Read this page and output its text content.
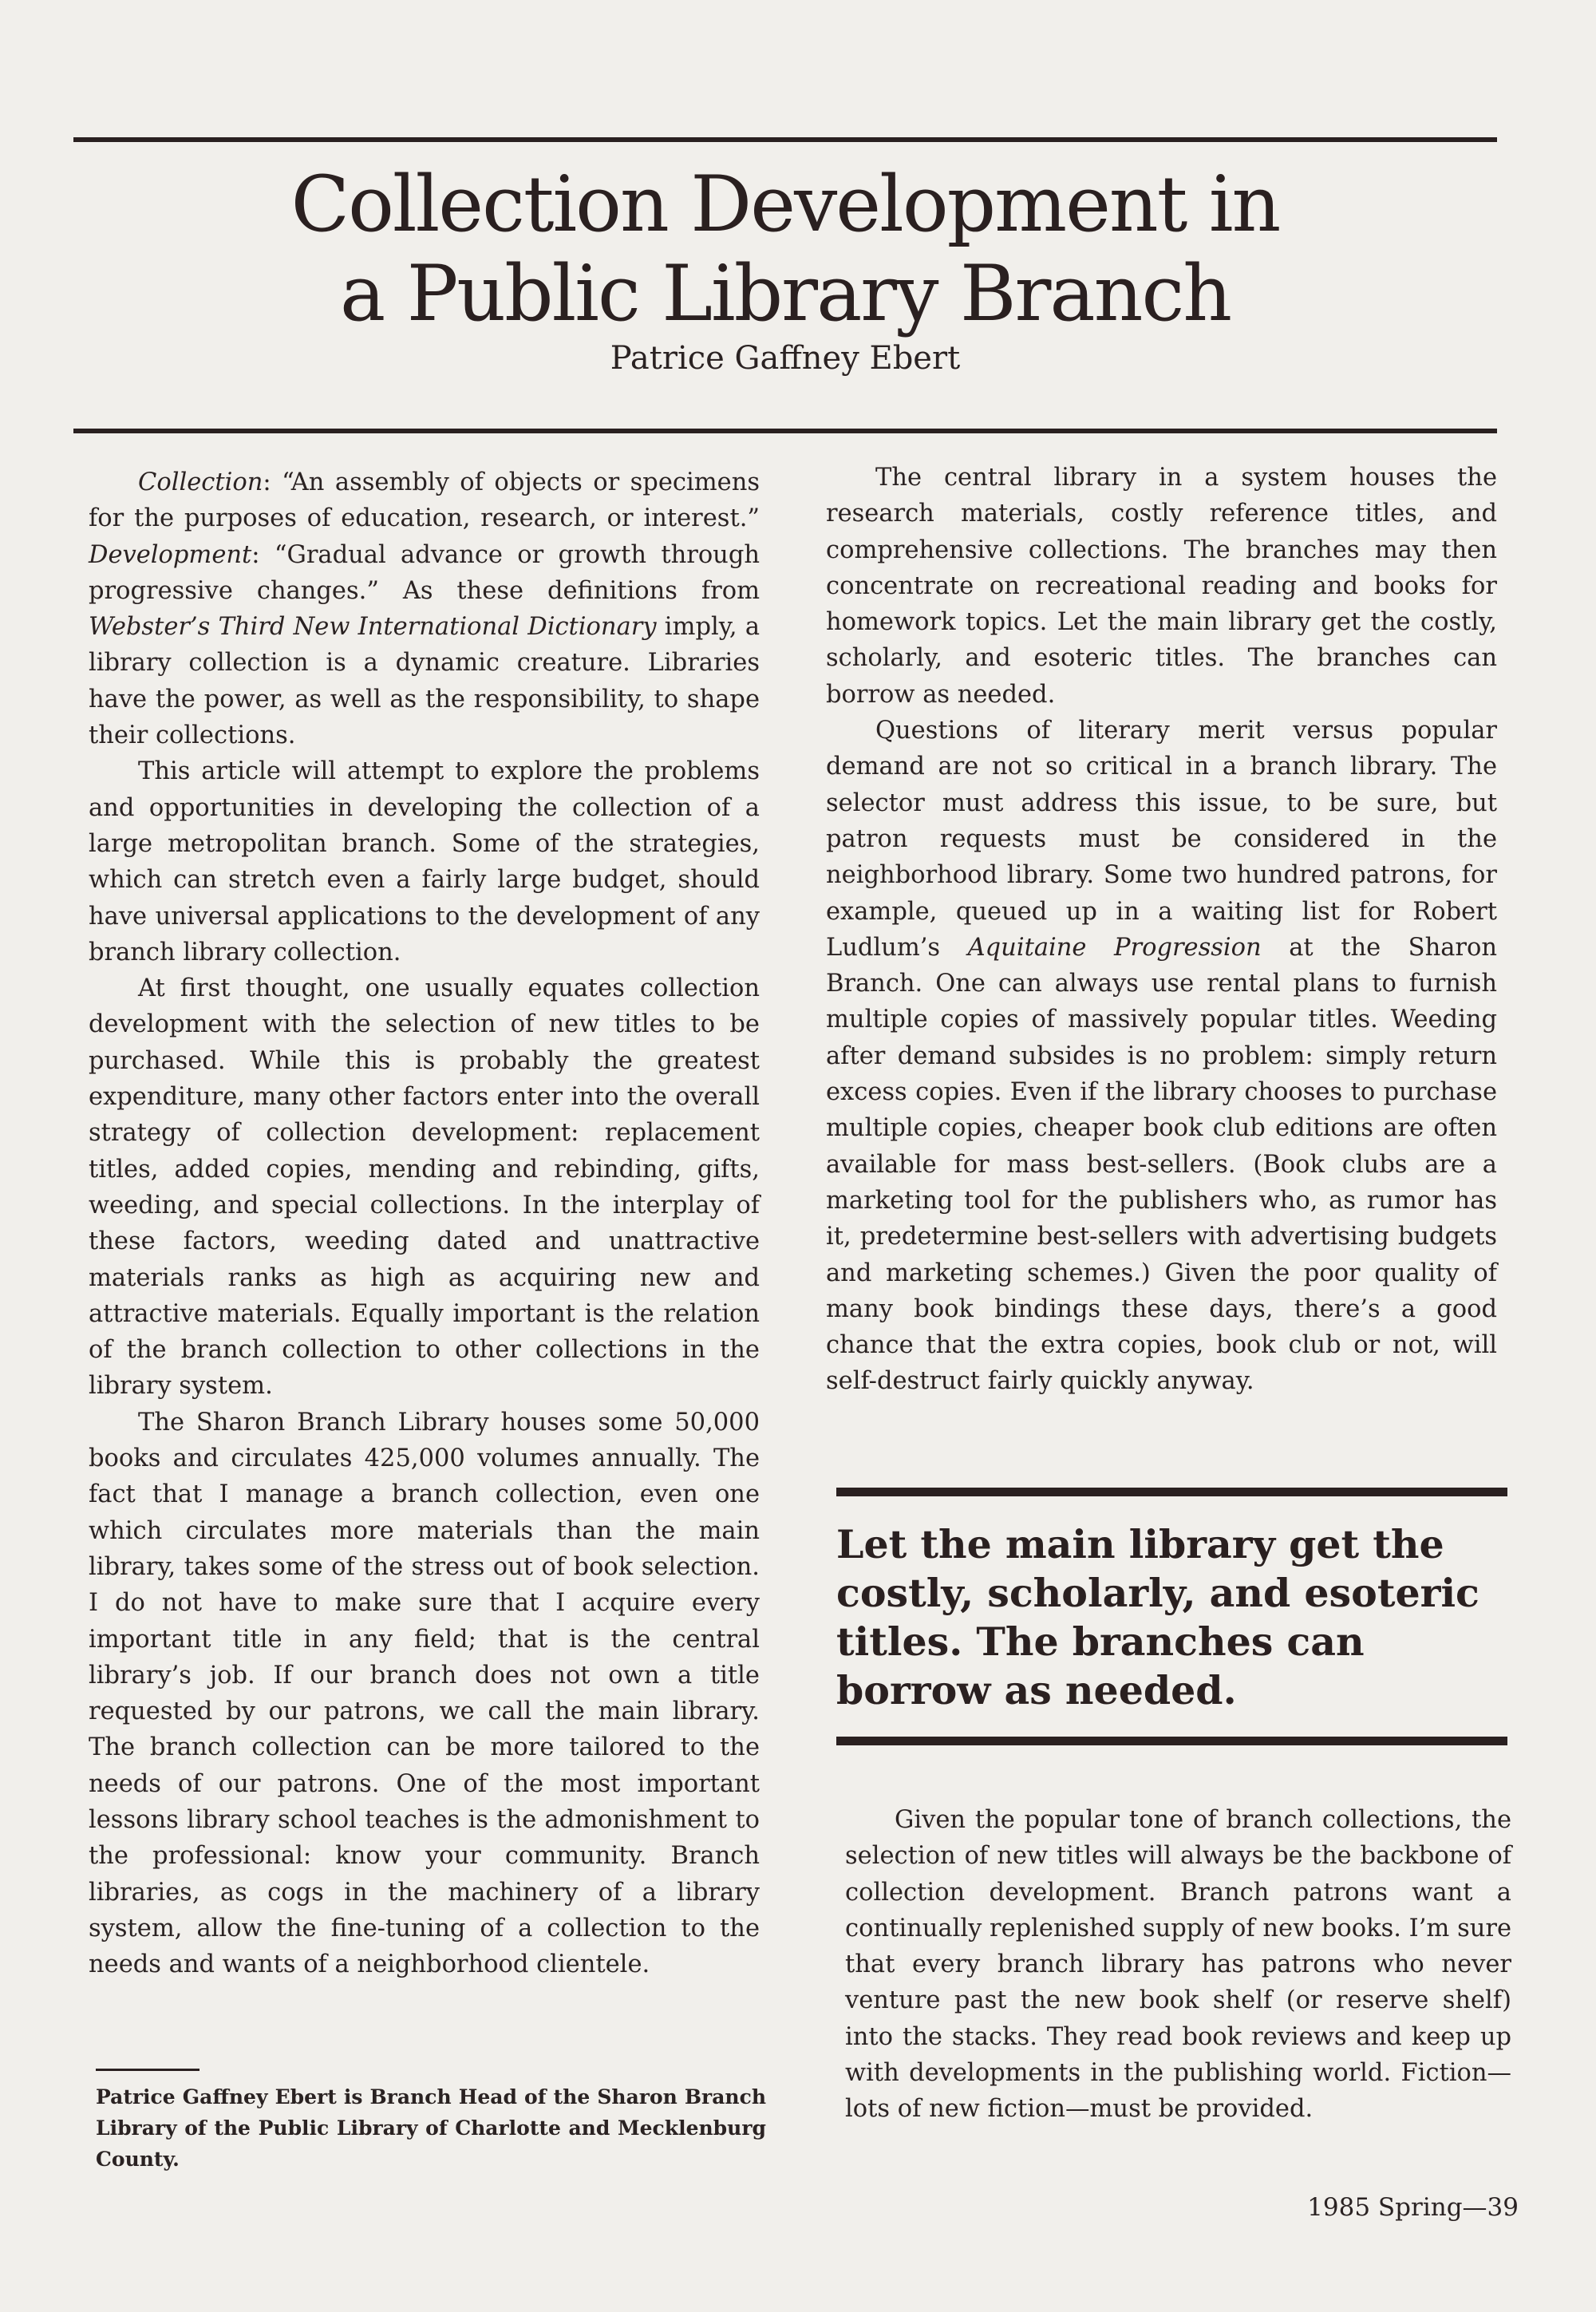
Collection Development in
a Public Library Branch
Patrice Gaffney Ebert

Collection: “An assembly of objects or specimens for the purposes of education, research, or interest.” Development: “Gradual advance or growth through progressive changes.” As these definitions from Webster’s Third New International Dictionary imply, a library collection is a dynamic creature. Libraries have the power, as well as the responsibility, to shape their collections.

This article will attempt to explore the problems and opportunities in developing the collection of a large metropolitan branch. Some of the strategies, which can stretch even a fairly large budget, should have universal applications to the development of any branch library collection.

At first thought, one usually equates collection development with the selection of new titles to be purchased. While this is probably the greatest expenditure, many other factors enter into the overall strategy of collection development: replacement titles, added copies, mending and rebinding, gifts, weeding, and special collections. In the interplay of these factors, weeding dated and unattractive materials ranks as high as acquiring new and attractive materials. Equally important is the relation of the branch collection to other collections in the library system.

The Sharon Branch Library houses some 50,000 books and circulates 425,000 volumes annually. The fact that I manage a branch collection, even one which circulates more materials than the main library, takes some of the stress out of book selection. I do not have to make sure that I acquire every important title in any field; that is the central library’s job. If our branch does not own a title requested by our patrons, we call the main library. The branch collection can be more tailored to the needs of our patrons. One of the most important lessons library school teaches is the admonishment to the professional: know your community. Branch libraries, as cogs in the machinery of a library system, allow the fine-tuning of a collection to the needs and wants of a neighborhood clientele.

Patrice Gaffney Ebert is Branch Head of the Sharon Branch Library of the Public Library of Charlotte and Mecklenburg County.

The central library in a system houses the research materials, costly reference titles, and comprehensive collections. The branches may then concentrate on recreational reading and books for homework topics. Let the main library get the costly, scholarly, and esoteric titles. The branches can borrow as needed.

Questions of literary merit versus popular demand are not so critical in a branch library. The selector must address this issue, to be sure, but patron requests must be considered in the neighborhood library. Some two hundred patrons, for example, queued up in a waiting list for Robert Ludlum’s Aquitaine Progression at the Sharon Branch. One can always use rental plans to furnish multiple copies of massively popular titles. Weeding after demand subsides is no problem: simply return excess copies. Even if the library chooses to purchase multiple copies, cheaper book club editions are often available for mass best-sellers. (Book clubs are a marketing tool for the publishers who, as rumor has it, predetermine best-sellers with advertising budgets and marketing schemes.) Given the poor quality of many book bindings these days, there’s a good chance that the extra copies, book club or not, will self-destruct fairly quickly anyway.

Let the main library get the costly, scholarly, and esoteric titles. The branches can borrow as needed.

Given the popular tone of branch collections, the selection of new titles will always be the backbone of collection development. Branch patrons want a continually replenished supply of new books. I’m sure that every branch library has patrons who never venture past the new book shelf (or reserve shelf) into the stacks. They read book reviews and keep up with developments in the publishing world. Fiction—lots of new fiction—must be provided.

1985 Spring—39
